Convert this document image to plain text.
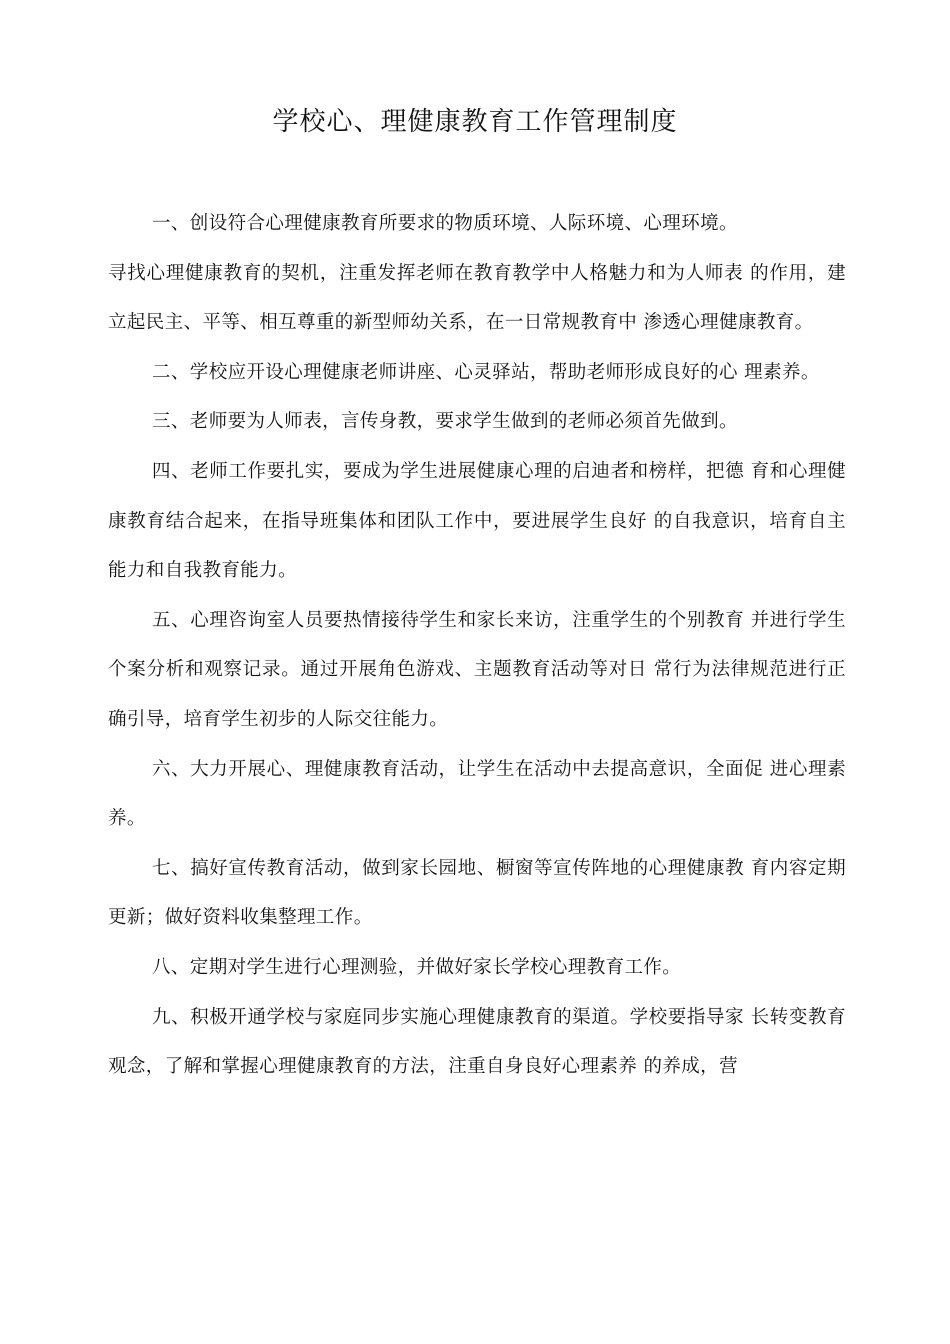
学校心、理健康教育工作管理制度

一、创设符合心理健康教育所要求的物质环境、人际环境、心理环境。

寻找心理健康教育的契机，注重发挥老师在教育教学中人格魅力和为人师表 的作用，建立起民主、平等、相互尊重的新型师幼关系，在一日常规教育中 渗透心理健康教育。

二、学校应开设心理健康老师讲座、心灵驿站，帮助老师形成良好的心 理素养。

三、老师要为人师表，言传身教，要求学生做到的老师必须首先做到。

四、老师工作要扎实，要成为学生进展健康心理的启迪者和榜样，把德 育和心理健康教育结合起来，在指导班集体和团队工作中，要进展学生良好 的自我意识，培育自主能力和自我教育能力。

五、心理咨询室人员要热情接待学生和家长来访，注重学生的个别教育 并进行学生个案分析和观察记录。通过开展角色游戏、主题教育活动等对日 常行为法律规范进行正确引导，培育学生初步的人际交往能力。

六、大力开展心、理健康教育活动，让学生在活动中去提高意识，全面促 进心理素养。

七、搞好宣传教育活动，做到家长园地、橱窗等宣传阵地的心理健康教 育内容定期更新；做好资料收集整理工作。

八、定期对学生进行心理测验，并做好家长学校心理教育工作。

九、积极开通学校与家庭同步实施心理健康教育的渠道。学校要指导家 长转变教育观念，了解和掌握心理健康教育的方法，注重自身良好心理素养 的养成，营
